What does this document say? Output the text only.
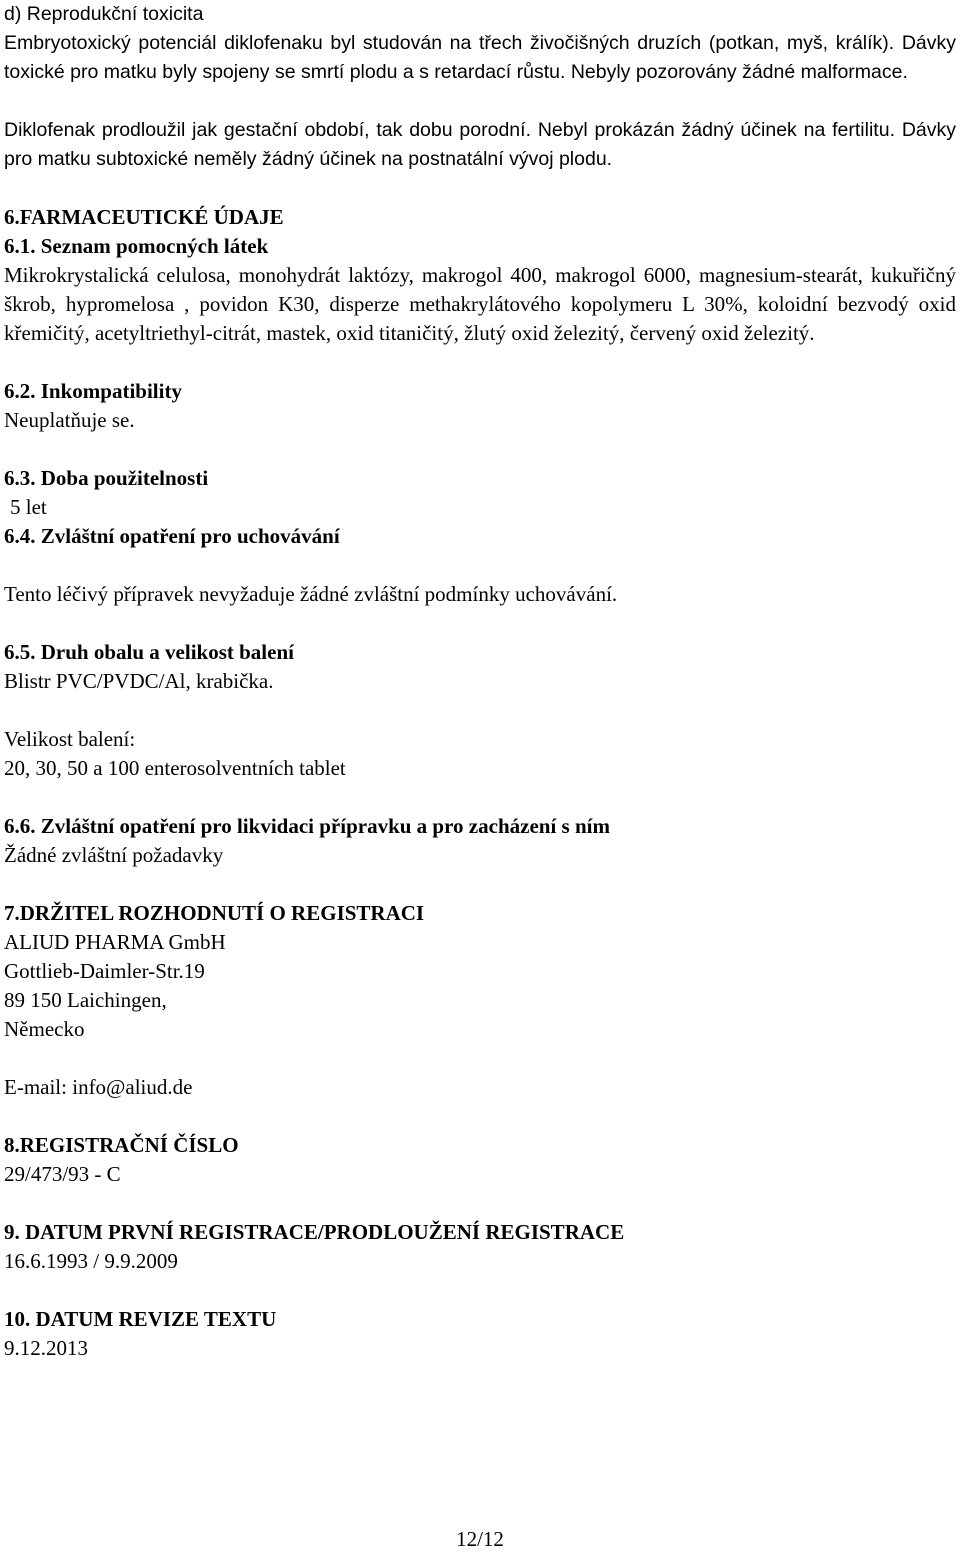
d) Reprodukční toxicita

Embryotoxický potenciál diklofenaku byl studován na třech živočišných druzích (potkan, myš, králík). Dávky toxické pro matku byly spojeny se smrtí plodu a s retardací růstu. Nebyly pozorovány žádné malformace.

Diklofenak prodloužil jak gestační období, tak dobu porodní. Nebyl prokázán žádný účinek na fertilitu. Dávky pro matku subtoxické neměly žádný účinek na postnatální vývoj plodu.

6.FARMACEUTICKÉ ÚDAJE

6.1. Seznam pomocných látek

Mikrokrystalická celulosa, monohydrát laktózy, makrogol 400, makrogol 6000, magnesium-stearát, kukuřičný škrob, hypromelosa , povidon K30, disperze methakrylátového kopolymeru L 30%, koloidní bezvodý oxid křemičitý, acetyltriethyl-citrát, mastek, oxid titaničitý, žlutý oxid železitý, červený oxid železitý.

6.2. Inkompatibility

Neuplatňuje se.

6.3. Doba použitelnosti

5 let

6.4. Zvláštní opatření pro uchovávání

Tento léčivý přípravek nevyžaduje žádné zvláštní podmínky uchovávání.

6.5. Druh obalu a velikost balení

Blistr PVC/PVDC/Al, krabička.

Velikost balení:

20, 30, 50 a 100 enterosolventních tablet

6.6. Zvláštní opatření pro likvidaci přípravku a pro zacházení s ním

Žádné zvláštní požadavky

7.DRŽITEL ROZHODNUTÍ O REGISTRACI

ALIUD PHARMA GmbH

Gottlieb-Daimler-Str.19

89 150 Laichingen,

Německo

E-mail: info@aliud.de

8.REGISTRAČNÍ ČÍSLO

29/473/93 - C

9. DATUM PRVNÍ REGISTRACE/PRODLOUŽENÍ REGISTRACE

16.6.1993 / 9.9.2009

10. DATUM REVIZE TEXTU

9.12.2013

12/12
